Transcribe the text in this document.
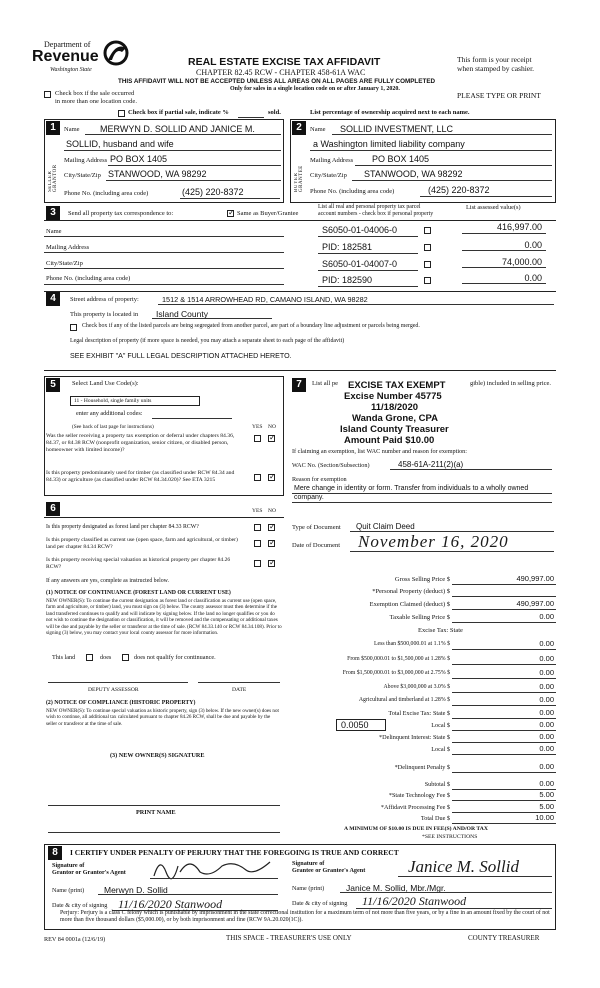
Department of
Revenue
Washington State
REAL ESTATE EXCISE TAX AFFIDAVIT
CHAPTER 82.45 RCW - CHAPTER 458-61A WAC
THIS AFFIDAVIT WILL NOT BE ACCEPTED UNLESS ALL AREAS ON ALL PAGES ARE FULLY COMPLETED
Only for sales in a single location code on or after January 1, 2020.
This form is your receipt
when stamped by cashier.
PLEASE TYPE OR PRINT
Check box if the sale occurred
in more than one location code.
Check box if partial sale, indicate %	sold.	List percentage of ownership acquired next to each name.
1
SELLER GRANTOR
Name MERWYN D. SOLLID AND JANICE M.
SOLLID, husband and wife
Mailing Address PO BOX 1405
City/State/Zip STANWOOD, WA 98292
Phone No. (including area code)	(425) 220-8372
2
BUYER GRANTEE
Name SOLLID INVESTMENT, LLC
a Washington limited liability company
Mailing Address PO BOX 1405
City/State/Zip STANWOOD, WA 98292
Phone No. (including area code)	(425) 220-8372
3	Send all property tax correspondence to:
✓	Same as Buyer/Grantee
List all real and personal property tax parcel
account numbers - check box if personal property
List assessed value(s)
Name
Mailing Address
City/State/Zip
Phone No. (including area code)
S6050-01-04006-0	416,997.00
PID: 182581	0.00
S6050-01-04007-0	74,000.00
PID: 182590	0.00
4	Street address of property:	1512 & 1514 ARROWHEAD RD, CAMANO ISLAND, WA 98282
This property is located in Island County
Check box if any of the listed parcels are being segregated from another parcel, are part of a boundary line adjustment or parcels being merged.
Legal description of property (if more space is needed, you may attach a separate sheet to each page of the affidavit)
SEE EXHIBIT "A" FULL LEGAL DESCRIPTION ATTACHED HERETO.
5	Select Land Use Code(s):
11 - Household, single family units
enter any additional codes:
(See back of last page for instructions)	YES NO
Was the seller receiving a property tax exemption or deferral under chapters 84.36, 84.37, or 84.38 RCW (nonprofit organization, senior citizen, or disabled person, homeowner with limited income)?
✓
Is this property predominately used for timber (as classified under RCW 84.34 and 84.33) or agriculture (as classified under RCW 84.34.020)? See ETA 3215
✓
6	YES NO
Is this property designated as forest land per chapter 84.33 RCW?
✓
Is this property classified as current use (open space, farm and agricultural, or timber) land per chapter 84.34 RCW?
✓
Is this property receiving special valuation as historical property per chapter 84.26 RCW?
✓
If any answers are yes, complete as instructed below.
(1) NOTICE OF CONTINUANCE (FOREST LAND OR CURRENT USE)
NEW OWNER(S): To continue the current designation as forest land or classification as current use (open space, farm and agriculture, or timber) land, you must sign on (3) below. The county assessor must then determine if the land transferred continues to qualify and will indicate by signing below. If the land no longer qualifies or you do not wish to continue the designation or classification, it will be removed and the compensating or additional taxes will be due and payable by the seller or transferor at the time of sale. (RCW 84.33.140 or RCW 84.34.108). Prior to signing (3) below, you may contact your local county assessor for more information.
This land	does	does not qualify for continuance.
DEPUTY ASSESSOR	DATE
(2) NOTICE OF COMPLIANCE (HISTORIC PROPERTY)
NEW OWNER(S): To continue special valuation as historic property, sign (3) below. If the new owner(s) does not wish to continue, all additional tax calculated pursuant to chapter 84.26 RCW, shall be due and payable by the seller or transferor at the time of sale.
(3) NEW OWNER(S) SIGNATURE
PRINT NAME
7	List all pe	gible) included in selling price.
EXCISE TAX EXEMPT
Excise Number 45775
11/18/2020
Wanda Grone, CPA
Island County Treasurer
Amount Paid $10.00
If claiming an exemption, list WAC number and reason for exemption:
WAC No. (Section/Subsection)	458-61A-211(2)(a)
Reason for exemption
Mere change in identity or form. Transfer from individuals to a wholly owned company.
Type of Document Quit Claim Deed
Date of Document November 16, 2020
Gross Selling Price $	490,997.00
*Personal Property (deduct) $
Exemption Claimed (deduct) $	490,997.00
Taxable Selling Price $	0.00
Excise Tax: State
Less than $500,000.01 at 1.1% $	0.00
From $500,000.01 to $1,500,000 at 1.28% $	0.00
From $1,500,000.01 to $3,000,000 at 2.75% $	0.00
Above $3,000,000 at 3.0% $	0.00
Agricultural and timberland at 1.28% $	0.00
Total Excise Tax: State $	0.00
0.0050	Local $	0.00
*Delinquent Interest: State $	0.00
Local $	0.00
*Delinquent Penalty $	0.00
Subtotal $	0.00
*State Technology Fee $	5.00
*Affidavit Processing Fee $	5.00
Total Due $	10.00
A MINIMUM OF $10.00 IS DUE IN FEE(S) AND/OR TAX
*SEE INSTRUCTIONS
8	I CERTIFY UNDER PENALTY OF PERJURY THAT THE FOREGOING IS TRUE AND CORRECT
Signature of
Grantor or Grantor's Agent
Name (print) Merwyn D. Sollid
Date & city of signing 11/16/2020 Stanwood
Signature of
Grantee or Grantee's Agent	Janice M. Sollid
Name (print)	Janice M. Sollid, Mbr./Mgr.
Date & city of signing 11/16/2020 Stanwood
Perjury: Perjury is a class C felony which is punishable by imprisonment in the state correctional institution for a maximum term of not more than five years, or by a fine in an amount fixed by the court of not more than five thousand dollars ($5,000.00), or by both imprisonment and fine (RCW 9A.20.020(1C)).
REV 84 0001a (12/6/19)	THIS SPACE - TREASURER'S USE ONLY	COUNTY TREASURER
